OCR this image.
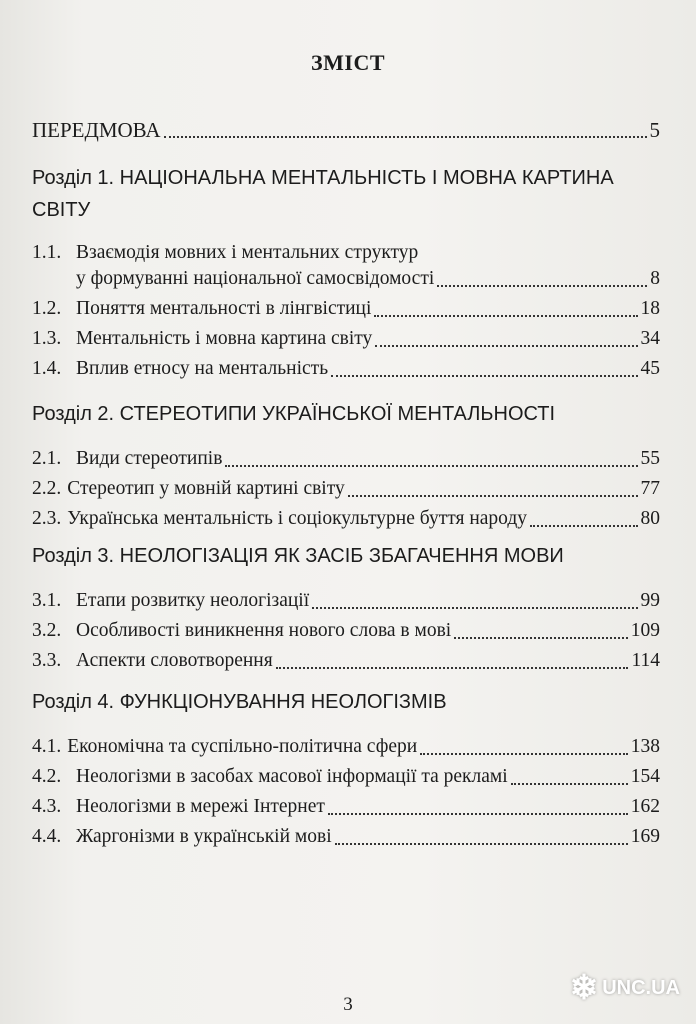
ЗМІСТ
ПЕРЕДМОВА	5
Розділ 1. НАЦІОНАЛЬНА МЕНТАЛЬНІСТЬ І МОВНА КАРТИНА
СВІТУ
1.1. Взаємодія мовних і ментальних структур
у формуванні національної самосвідомості	8
1.2. Поняття ментальності в лінгвістиці	18
1.3. Ментальність і мовна картина світу	34
1.4. Вплив етносу на ментальність	45
Розділ 2. СТЕРЕОТИПИ УКРАЇНСЬКОЇ МЕНТАЛЬНОСТІ
2.1. Види стереотипів	55
2.2. Стереотип у мовній картині світу	77
2.3. Українська ментальність і соціокультурне буття народу	80
Розділ 3. НЕОЛОГІЗАЦІЯ ЯК ЗАСІБ ЗБАГАЧЕННЯ МОВИ
3.1. Етапи розвитку неологізації	99
3.2. Особливості виникнення нового слова в мові	109
3.3. Аспекти словотворення	114
Розділ 4. ФУНКЦІОНУВАННЯ НЕОЛОГІЗМІВ
4.1. Економічна та суспільно-політична сфери	138
4.2. Неологізми в засобах масової інформації та рекламі	154
4.3. Неологізми в мережі Інтернет	162
4.4. Жаргонізми в українській мові	169
3	❄ UNC.UA
